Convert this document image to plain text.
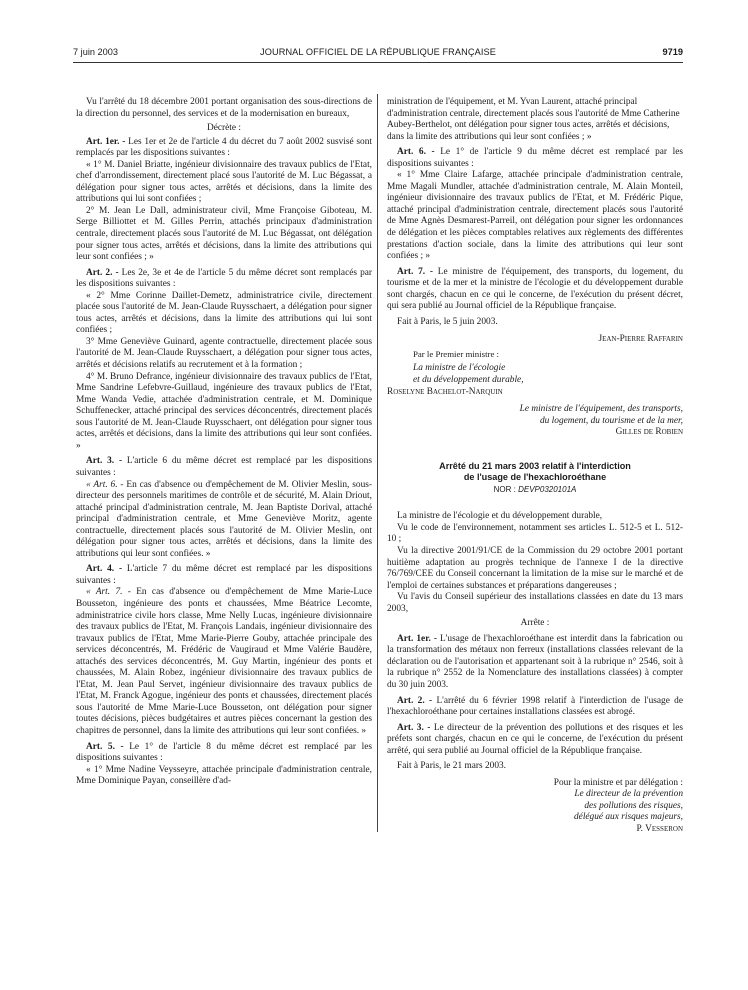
7 juin 2003	JOURNAL OFFICIEL DE LA RÉPUBLIQUE FRANÇAISE	9719

Vu l'arrêté du 18 décembre 2001 portant organisation des sous-directions de la direction du personnel, des services et de la modernisation en bureaux,

Décrète :

Art. 1er. - Les 1er et 2e de l'article 4 du décret du 7 août 2002 susvisé sont remplacés par les dispositions suivantes :

« 1° M. Daniel Briatte, ingénieur divisionnaire des travaux publics de l'Etat, chef d'arrondissement, directement placé sous l'autorité de M. Luc Bégassat, a délégation pour signer tous actes, arrêtés et décisions, dans la limite des attributions qui lui sont confiées ;

2° M. Jean Le Dall, administrateur civil, Mme Françoise Giboteau, M. Serge Billiottet et M. Gilles Perrin, attachés principaux d'administration centrale, directement placés sous l'autorité de M. Luc Bégassat, ont délégation pour signer tous actes, arrêtés et décisions, dans la limite des attributions qui leur sont confiées ; »

Art. 2. - Les 2e, 3e et 4e de l'article 5 du même décret sont remplacés par les dispositions suivantes :

« 2° Mme Corinne Daillet-Demetz, administratrice civile, directement placée sous l'autorité de M. Jean-Claude Ruysschaert, a délégation pour signer tous actes, arrêtés et décisions, dans la limite des attributions qui lui sont confiées ;

3° Mme Geneviève Guinard, agente contractuelle, directement placée sous l'autorité de M. Jean-Claude Ruysschaert, a délégation pour signer tous actes, arrêtés et décisions relatifs au recrutement et à la formation ;

4° M. Bruno Defrance, ingénieur divisionnaire des travaux publics de l'Etat, Mme Sandrine Lefebvre-Guillaud, ingénieure des travaux publics de l'Etat, Mme Wanda Vedie, attachée d'administration centrale, et M. Dominique Schuffenecker, attaché principal des services déconcentrés, directement placés sous l'autorité de M. Jean-Claude Ruysschaert, ont délégation pour signer tous actes, arrêtés et décisions, dans la limite des attributions qui leur sont confiées. »

Art. 3. - L'article 6 du même décret est remplacé par les dispositions suivantes :

« Art. 6. - En cas d'absence ou d'empêchement de M. Olivier Meslin, sous-directeur des personnels maritimes de contrôle et de sécurité, M. Alain Driout, attaché principal d'administration centrale, M. Jean Baptiste Dorival, attaché principal d'administration centrale, et Mme Geneviève Moritz, agente contractuelle, directement placés sous l'autorité de M. Olivier Meslin, ont délégation pour signer tous actes, arrêtés et décisions, dans la limite des attributions qui leur sont confiées. »

Art. 4. - L'article 7 du même décret est remplacé par les dispositions suivantes :

« Art. 7. - En cas d'absence ou d'empêchement de Mme Marie-Luce Bousseton, ingénieure des ponts et chaussées, Mme Béatrice Lecomte, administratrice civile hors classe, Mme Nelly Lucas, ingénieure divisionnaire des travaux publics de l'Etat, M. François Landais, ingénieur divisionnaire des travaux publics de l'Etat, Mme Marie-Pierre Gouby, attachée principale des services déconcentrés, M. Frédéric de Vaugiraud et Mme Valérie Baudère, attachés des services déconcentrés, M. Guy Martin, ingénieur des ponts et chaussées, M. Alain Robez, ingénieur divisionnaire des travaux publics de l'Etat, M. Jean Paul Servet, ingénieur divisionnaire des travaux publics de l'Etat, M. Franck Agogue, ingénieur des ponts et chaussées, directement placés sous l'autorité de Mme Marie-Luce Bousseton, ont délégation pour signer toutes décisions, pièces budgétaires et autres pièces concernant la gestion des chapitres de personnel, dans la limite des attributions qui leur sont confiées. »

Art. 5. - Le 1° de l'article 8 du même décret est remplacé par les dispositions suivantes :

« 1° Mme Nadine Veysseyre, attachée principale d'administration centrale, Mme Dominique Payan, conseillère d'ad-

ministration de l'équipement, et M. Yvan Laurent, attaché principal d'administration centrale, directement placés sous l'autorité de Mme Catherine Aubey-Berthelot, ont délégation pour signer tous actes, arrêtés et décisions, dans la limite des attributions qui leur sont confiées ; »

Art. 6. - Le 1° de l'article 9 du même décret est remplacé par les dispositions suivantes :

« 1° Mme Claire Lafarge, attachée principale d'administration centrale, Mme Magali Mundler, attachée d'administration centrale, M. Alain Monteil, ingénieur divisionnaire des travaux publics de l'Etat, et M. Frédéric Pique, attaché principal d'administration centrale, directement placés sous l'autorité de Mme Agnès Desmarest-Parreil, ont délégation pour signer les ordonnances de délégation et les pièces comptables relatives aux règlements des différentes prestations d'action sociale, dans la limite des attributions qui leur sont confiées ; »

Art. 7. - Le ministre de l'équipement, des transports, du logement, du tourisme et de la mer et la ministre de l'écologie et du développement durable sont chargés, chacun en ce qui le concerne, de l'exécution du présent décret, qui sera publié au Journal officiel de la République française.

Fait à Paris, le 5 juin 2003.

Jean-Pierre Raffarin

Par le Premier ministre :

La ministre de l'écologie

et du développement durable,

Roselyne Bachelot-Narquin

Le ministre de l'équipement, des transports,

du logement, du tourisme et de la mer,

Gilles de Robien

Arrêté du 21 mars 2003 relatif à l'interdiction
de l'usage de l'hexachloroéthane

NOR : DEVP0320101A

La ministre de l'écologie et du développement durable,

Vu le code de l'environnement, notamment ses articles L. 512-5 et L. 512-10 ;

Vu la directive 2001/91/CE de la Commission du 29 octobre 2001 portant huitième adaptation au progrès technique de l'annexe I de la directive 76/769/CEE du Conseil concernant la limitation de la mise sur le marché et de l'emploi de certaines substances et préparations dangereuses ;

Vu l'avis du Conseil supérieur des installations classées en date du 13 mars 2003,

Arrête :

Art. 1er. - L'usage de l'hexachloroéthane est interdit dans la fabrication ou la transformation des métaux non ferreux (installations classées relevant de la déclaration ou de l'autorisation et appartenant soit à la rubrique n° 2546, soit à la rubrique n° 2552 de la Nomenclature des installations classées) à compter du 30 juin 2003.

Art. 2. - L'arrêté du 6 février 1998 relatif à l'interdiction de l'usage de l'hexachloroéthane pour certaines installations classées est abrogé.

Art. 3. - Le directeur de la prévention des pollutions et des risques et les préfets sont chargés, chacun en ce qui le concerne, de l'exécution du présent arrêté, qui sera publié au Journal officiel de la République française.

Fait à Paris, le 21 mars 2003.

Pour la ministre et par délégation :

Le directeur de la prévention

des pollutions des risques,

délégué aux risques majeurs,

P. Vesseron
